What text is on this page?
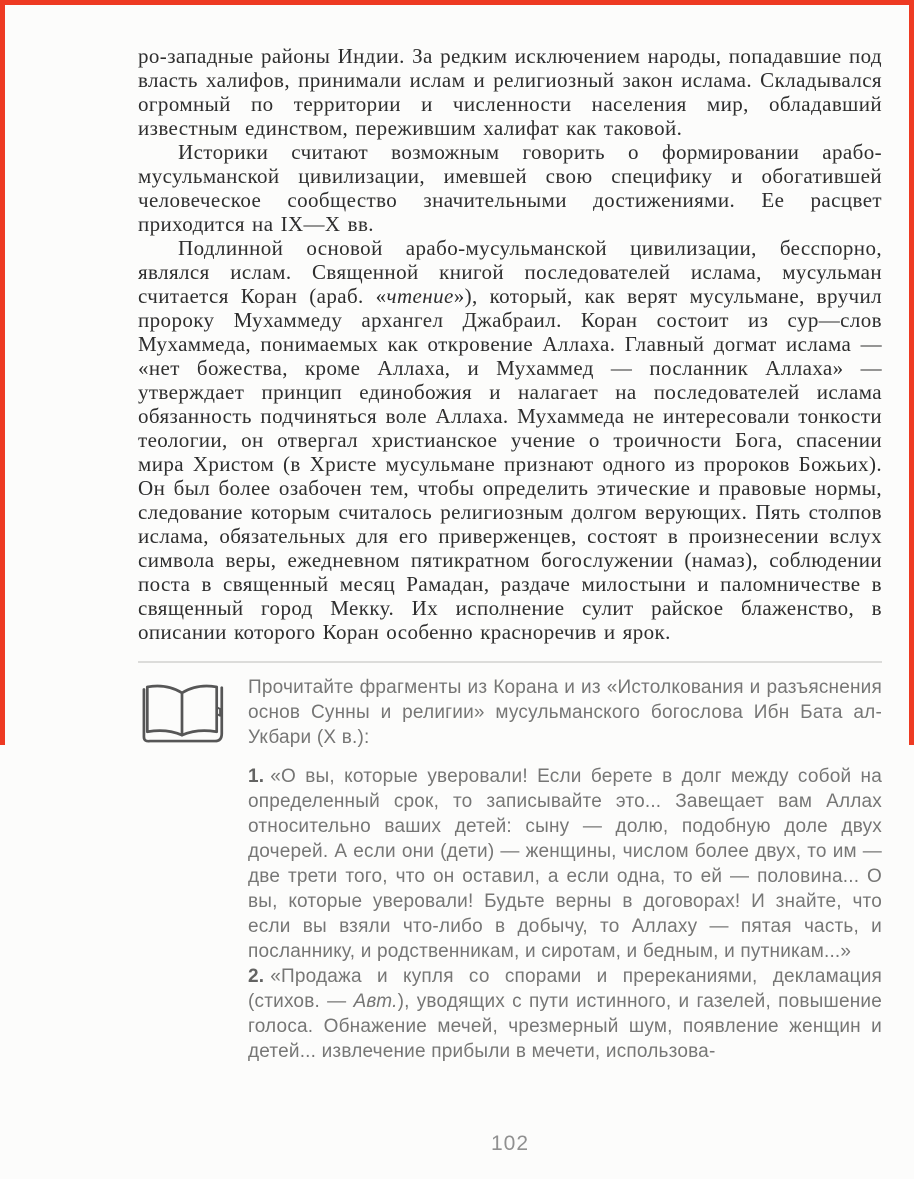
ро-западные районы Индии. За редким исключением народы, попадавшие под власть халифов, принимали ислам и религиозный закон ислама. Складывался огромный по территории и численности населения мир, обладавший известным единством, пережившим халифат как таковой.

Историки считают возможным говорить о формировании арабо-мусульманской цивилизации, имевшей свою специфику и обогатившей человеческое сообщество значительными достижениями. Ее расцвет приходится на IX—X вв.

Подлинной основой арабо-мусульманской цивилизации, бесспорно, являлся ислам. Священной книгой последователей ислама, мусульман считается Коран (араб. «чтение»), который, как верят мусульмане, вручил пророку Мухаммеду архангел Джабраил. Коран состоит из сур—слов Мухаммеда, понимаемых как откровение Аллаха. Главный догмат ислама — «нет божества, кроме Аллаха, и Мухаммед — посланник Аллаха» — утверждает принцип единобожия и налагает на последователей ислама обязанность подчиняться воле Аллаха. Мухаммеда не интересовали тонкости теологии, он отвергал христианское учение о троичности Бога, спасении мира Христом (в Христе мусульмане признают одного из пророков Божьих). Он был более озабочен тем, чтобы определить этические и правовые нормы, следование которым считалось религиозным долгом верующих. Пять столпов ислама, обязательных для его приверженцев, состоят в произнесении вслух символа веры, ежедневном пятикратном богослужении (намаз), соблюдении поста в священный месяц Рамадан, раздаче милостыни и паломничестве в священный город Мекку. Их исполнение сулит райское блаженство, в описании которого Коран особенно красноречив и ярок.

Прочитайте фрагменты из Корана и из «Истолкования и разъяснения основ Сунны и религии» мусульманского богослова Ибн Бата ал-Укбари (X в.):

1. «О вы, которые уверовали! Если берете в долг между собой на определенный срок, то записывайте это... Завещает вам Аллах относительно ваших детей: сыну — долю, подобную доле двух дочерей. А если они (дети) — женщины, числом более двух, то им — две трети того, что он оставил, а если одна, то ей — половина... О вы, которые уверовали! Будьте верны в договорах! И знайте, что если вы взяли что-либо в добычу, то Аллаху — пятая часть, и посланнику, и родственникам, и сиротам, и бедным, и путникам...»

2. «Продажа и купля со спорами и пререканиями, декламация (стихов. — Авт.), уводящих с пути истинного, и газелей, повышение голоса. Обнажение мечей, чрезмерный шум, появление женщин и детей... извлечение прибыли в мечети, использова-

102
